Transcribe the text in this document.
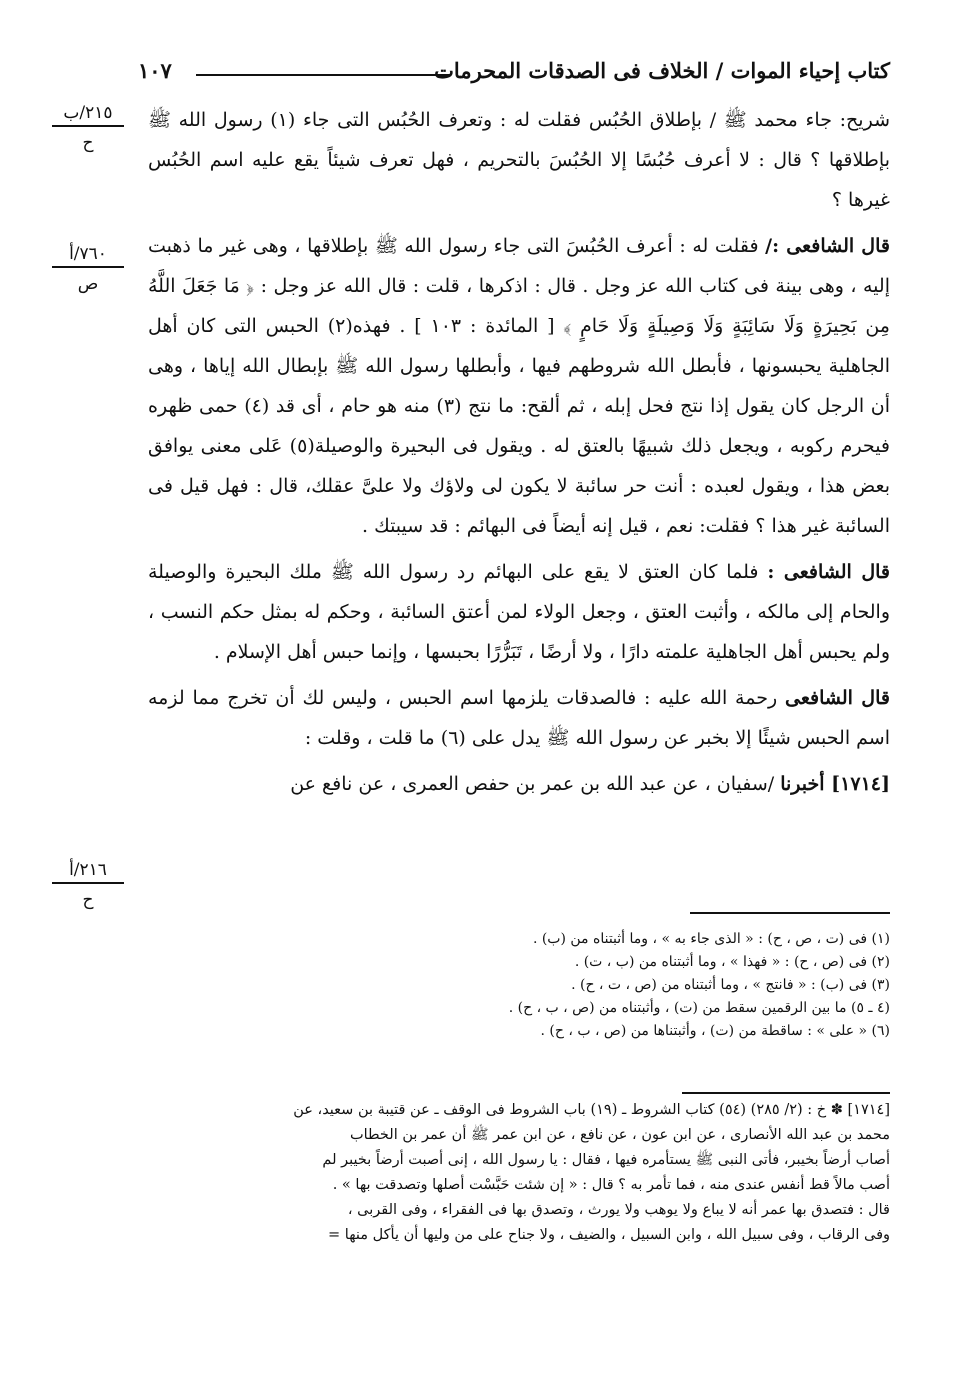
كتاب إحياء الموات / الخلاف فى الصدقات المحرمات
١٠٧
٢١٥/ب
ح
٧٦٠/أ
ص
٢١٦/أ
ح

شريح: جاء محمد ﷺ / بإطلاق الحُبُس فقلت له : وتعرف الحُبُس التى جاء (١) رسول الله ﷺ بإطلاقها ؟ قال : لا أعرف حُبُسًا إلا الحُبُسَ بالتحريم ، فهل تعرف شيئاً يقع عليه اسم الحُبُس غيرها ؟

قال الشافعى :/ فقلت له : أعرف الحُبُسَ التى جاء رسول الله ﷺ بإطلاقها ، وهى غير ما ذهبت إليه ، وهى بينة فى كتاب الله عز وجل . قال : اذكرها ، قلت : قال الله عز وجل : ﴿ مَا جَعَلَ اللَّهُ مِن بَحِيرَةٍ وَلَا سَائِبَةٍ وَلَا وَصِيلَةٍ وَلَا حَامٍ ﴾ [ المائدة : ١٠٣ ] . فهذه(٢) الحبس التى كان أهل الجاهلية يحبسونها ، فأبطل الله شروطهم فيها ، وأبطلها رسول الله ﷺ بإبطال الله إياها ، وهى أن الرجل كان يقول إذا نتج فحل إبله ، ثم ألقح: ما نتج (٣) منه هو حام ، أى قد (٤) حمى ظهره فيحرم ركوبه ، ويجعل ذلك شبيهًا بالعتق له . ويقول فى البحيرة والوصيلة(٥) عَلى معنى يوافق بعض هذا ، ويقول لعبده : أنت حر سائبة لا يكون لى ولاؤك ولا علىَّ عقلك، قال : فهل قيل فى السائبة غير هذا ؟ فقلت: نعم ، قيل إنه أيضاً فى البهائم : قد سيبتك .

قال الشافعى : فلما كان العتق لا يقع على البهائم رد رسول الله ﷺ ملك البحيرة والوصيلة والحام إلى مالكه ، وأثبت العتق ، وجعل الولاء لمن أعتق السائبة ، وحكم له بمثل حكم النسب ، ولم يحبس أهل الجاهلية علمته دارًا ، ولا أرضًا ، تَبَرُّرًا بحبسها ، وإنما حبس أهل الإسلام .

قال الشافعى رحمة الله عليه : فالصدقات يلزمها اسم الحبس ، وليس لك أن تخرج مما لزمه اسم الحبس شيئًا إلا بخبر عن رسول الله ﷺ يدل على (٦) ما قلت ، وقلت :

[١٧١٤] أخبرنا /سفيان ، عن عبد الله بن عمر بن حفص العمرى ، عن نافع عن

(١) فى (ت ، ص ، ح) : « الذى جاء به » ، وما أثبتناه من (ب) .
(٢) فى (ص ، ح) : « فهذا » ، وما أثبتناه من (ب ، ت) .
(٣) فى (ب) : « فانتج » ، وما أثبتناه من (ص ، ت ، ح) .
(٤ ـ ٥) ما بين الرقمين سقط من (ت) ، وأثبتناه من (ص ، ب ، ح) .
(٦) « على » : ساقطة من (ت) ، وأثبتناها من (ص ، ب ، ح) .
[١٧١٤] ✽ خ : (٢/ ٢٨٥) (٥٤) كتاب الشروط ـ (١٩) باب الشروط فى الوقف ـ عن قتيبة بن سعيد، عن
محمد بن عبد الله الأنصارى ، عن ابن عون ، عن نافع ، عن ابن عمر ﷺ أن عمر بن الخطاب
أصاب أرضاً بخيبر، فأتى النبى ﷺ يستأمره فيها ، فقال : يا رسول الله ، إنى أصبت أرضاً بخيبر لم
أصب مالاً قط أنفس عندى منه ، فما تأمر به ؟ قال : « إن شئت حَبَّسْت أصلها وتصدقت بها » .
قال : فتصدق بها عمر أنه لا يباع ولا يوهب ولا يورث ، وتصدق بها فى الفقراء ، وفى القربى ،
وفى الرقاب ، وفى سبيل الله ، وابن السبيل ، والضيف ، ولا جناح على من وليها أن يأكل منها =
